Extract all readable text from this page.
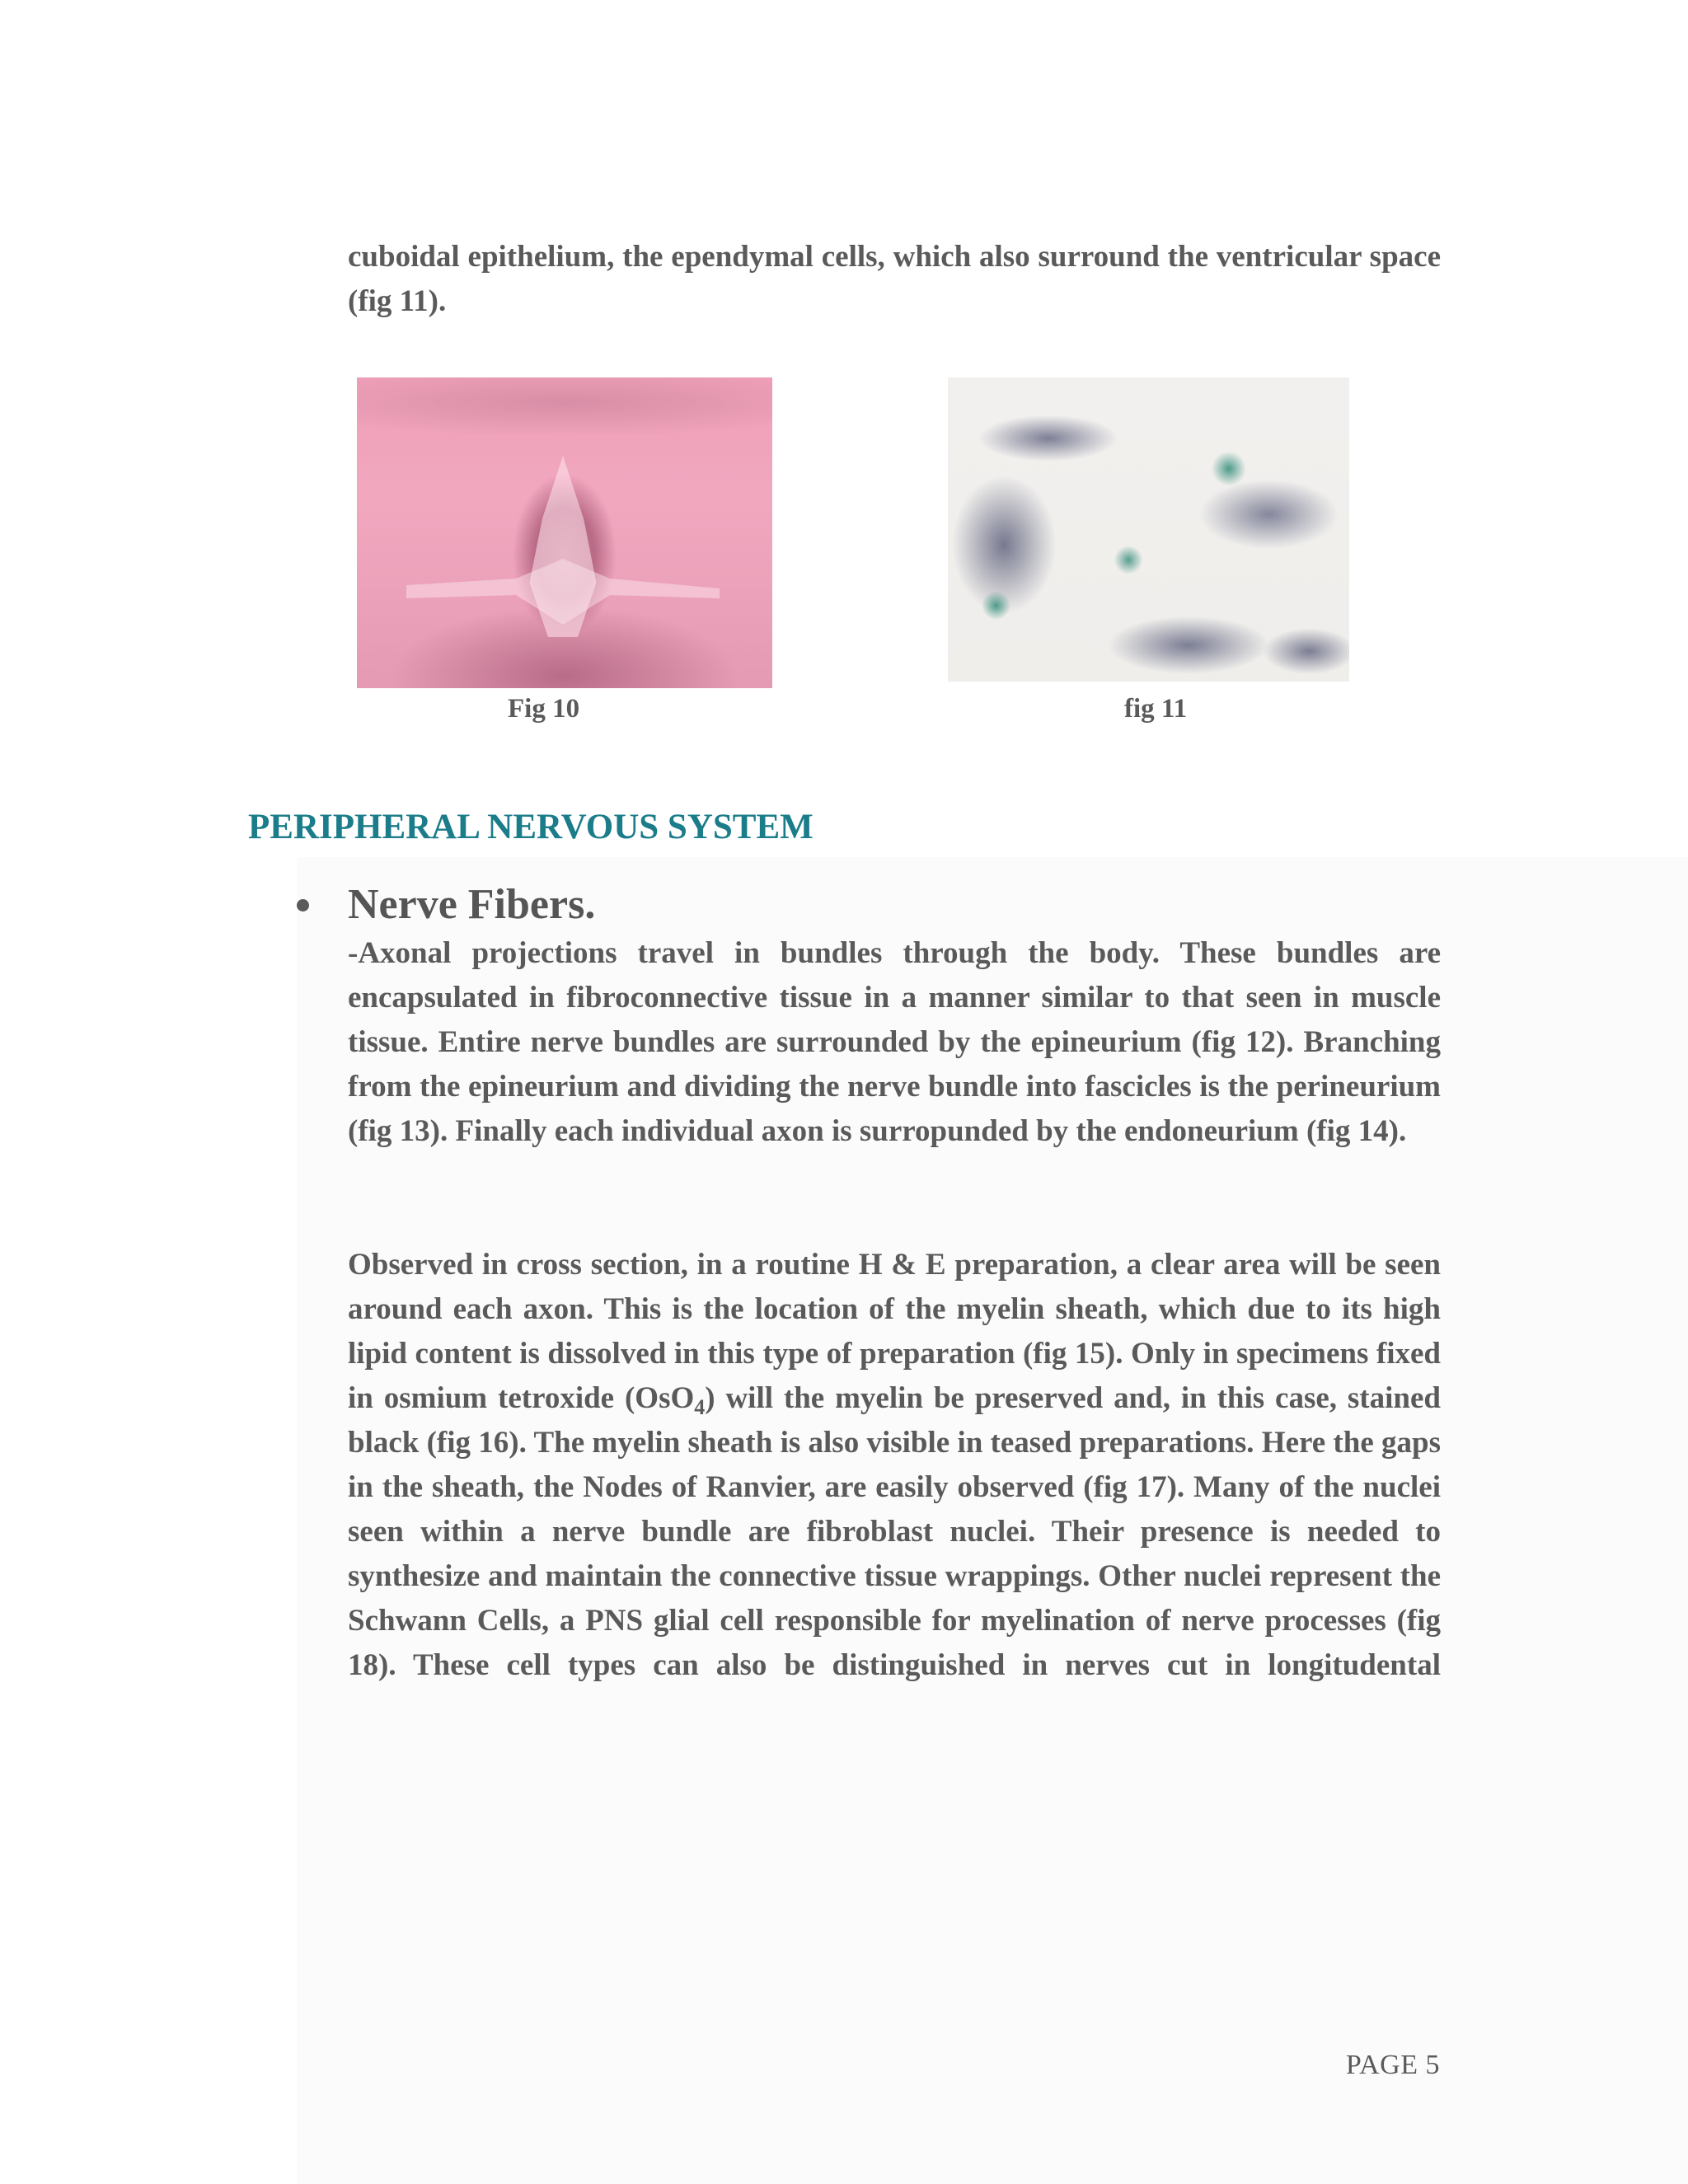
cuboidal epithelium, the ependymal cells, which also surround the ventricular space (fig 11).

Fig 10	fig 11

PERIPHERAL NERVOUS SYSTEM
Nerve Fibers.

-Axonal projections travel in bundles through the body. These bundles are encapsulated in fibroconnective tissue in a manner similar to that seen in muscle tissue. Entire nerve bundles are surrounded by the epineurium (fig 12). Branching from the epineurium and dividing the nerve bundle into fascicles is the perineurium (fig 13). Finally each individual axon is surropunded by the endoneurium (fig 14).

Observed in cross section, in a routine H & E preparation, a clear area will be seen around each axon. This is the location of the myelin sheath, which due to its high lipid content is dissolved in this type of preparation (fig 15). Only in specimens fixed in osmium tetroxide (OsO$_4$) will the myelin be preserved and, in this case, stained black (fig 16). The myelin sheath is also visible in teased preparations. Here the gaps in the sheath, the Nodes of Ranvier, are easily observed (fig 17). Many of the nuclei seen within a nerve bundle are fibroblast nuclei. Their presence is needed to synthesize and maintain the connective tissue wrappings. Other nuclei represent the Schwann Cells, a PNS glial cell responsible for myelination of nerve processes (fig 18). These cell types can also be distinguished in nerves cut in longitudental

PAGE 5
